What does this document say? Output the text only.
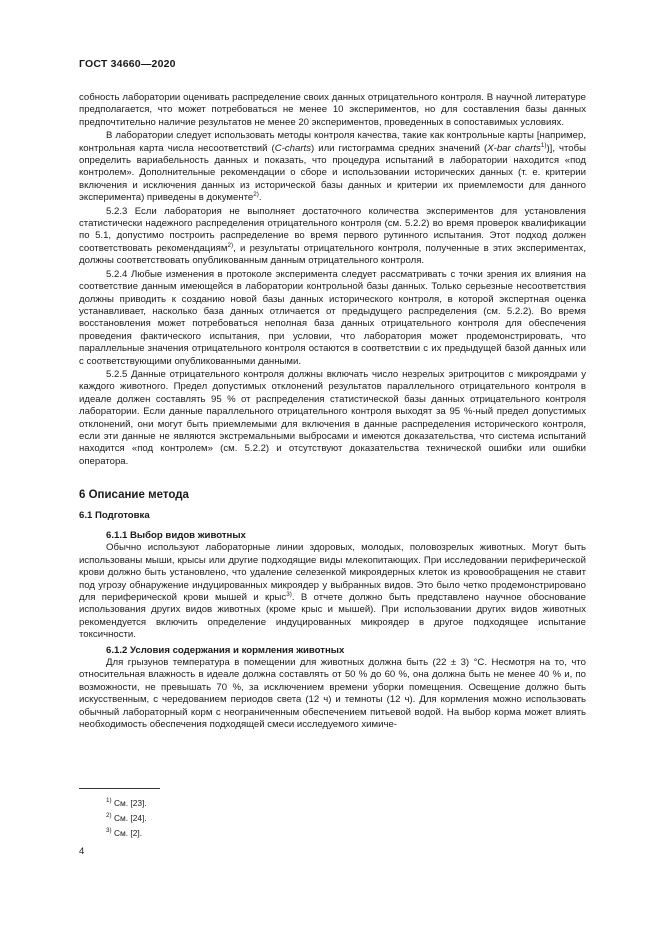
ГОСТ 34660—2020

собность лаборатории оценивать распределение своих данных отрицательного контроля. В научной литературе предполагается, что может потребоваться не менее 10 экспериментов, но для составления базы данных предпочтительно наличие результатов не менее 20 экспериментов, проведенных в сопоставимых условиях.

В лаборатории следует использовать методы контроля качества, такие как контрольные карты [например, контрольная карта числа несоответствий (C-charts) или гистограмма средних значений (X-bar charts$^{1)}$)], чтобы определить вариабельность данных и показать, что процедура испытаний в лаборатории находится «под контролем». Дополнительные рекомендации о сборе и использовании исторических данных (т. е. критерии включения и исключения данных из исторической базы данных и критерии их приемлемости для данного эксперимента) приведены в документе$^{2)}$.

5.2.3 Если лаборатория не выполняет достаточного количества экспериментов для установления статистически надежного распределения отрицательного контроля (см. 5.2.2) во время проверок квалификации по 5.1, допустимо построить распределение во время первого рутинного испытания. Этот подход должен соответствовать рекомендациям$^{2)}$, и результаты отрицательного контроля, полученные в этих экспериментах, должны соответствовать опубликованным данным отрицательного контроля.

5.2.4 Любые изменения в протоколе эксперимента следует рассматривать с точки зрения их влияния на соответствие данным имеющейся в лаборатории контрольной базы данных. Только серьезные несоответствия должны приводить к созданию новой базы данных исторического контроля, в которой экспертная оценка устанавливает, насколько база данных отличается от предыдущего распределения (см. 5.2.2). Во время восстановления может потребоваться неполная база данных отрицательного контроля для обеспечения проведения фактического испытания, при условии, что лаборатория может продемонстрировать, что параллельные значения отрицательного контроля остаются в соответствии с их предыдущей базой данных или с соответствующими опубликованными данными.

5.2.5 Данные отрицательного контроля должны включать число незрелых эритроцитов с микроядрами у каждого животного. Предел допустимых отклонений результатов параллельного отрицательного контроля в идеале должен составлять 95 % от распределения статистической базы данных отрицательного контроля лаборатории. Если данные параллельного отрицательного контроля выходят за 95 %-ный предел допустимых отклонений, они могут быть приемлемыми для включения в данные распределения исторического контроля, если эти данные не являются экстремальными выбросами и имеются доказательства, что система испытаний находится «под контролем» (см. 5.2.2) и отсутствуют доказательства технической ошибки или ошибки оператора.

6 Описание метода

6.1 Подготовка

6.1.1 Выбор видов животных

Обычно используют лабораторные линии здоровых, молодых, половозрелых животных. Могут быть использованы мыши, крысы или другие подходящие виды млекопитающих. При исследовании периферической крови должно быть установлено, что удаление селезенкой микроядерных клеток из кровообращения не ставит под угрозу обнаружение индуцированных микроядер у выбранных видов. Это было четко продемонстрировано для периферической крови мышей и крыс$^{3)}$. В отчете должно быть представлено научное обоснование использования других видов животных (кроме крыс и мышей). При использовании других видов животных рекомендуется включить определение индуцированных микроядер в другое подходящее испытание токсичности.

6.1.2 Условия содержания и кормления животных

Для грызунов температура в помещении для животных должна быть (22 ± 3) °С. Несмотря на то, что относительная влажность в идеале должна составлять от 50 % до 60 %, она должна быть не менее 40 % и, по возможности, не превышать 70 %, за исключением времени уборки помещения. Освещение должно быть искусственным, с чередованием периодов света (12 ч) и темноты (12 ч). Для кормления можно использовать обычный лабораторный корм с неограниченным обеспечением питьевой водой. На выбор корма может влиять необходимость обеспечения подходящей смеси исследуемого химиче-

$^{1)}$ См. [23].
$^{2)}$ См. [24].
$^{3)}$ См. [2].
4
